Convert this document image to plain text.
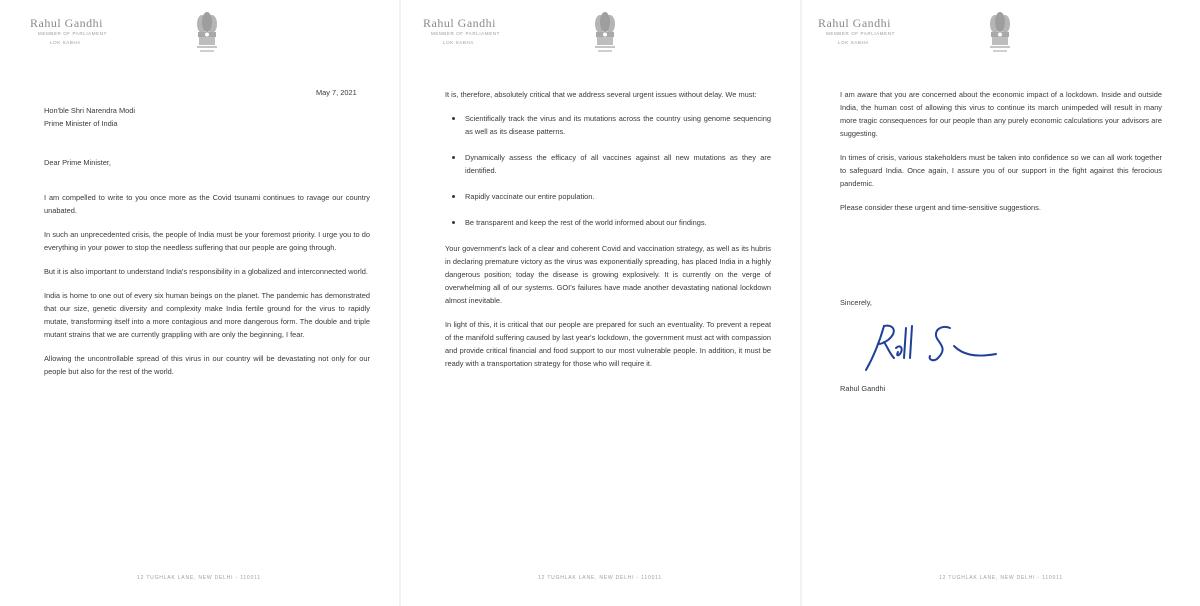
Rahul Gandhi
MEMBER OF PARLIAMENT
LOK SABHA
May 7, 2021
Hon'ble Shri Narendra Modi
Prime Minister of India
Dear Prime Minister,

I am compelled to write to you once more as the Covid tsunami continues to ravage our country unabated.

In such an unprecedented crisis, the people of India must be your foremost priority. I urge you to do everything in your power to stop the needless suffering that our people are going through.

But it is also important to understand India's responsibility in a globalized and interconnected world.

India is home to one out of every six human beings on the planet. The pandemic has demonstrated that our size, genetic diversity and complexity make India fertile ground for the virus to rapidly mutate, transforming itself into a more contagious and more dangerous form. The double and triple mutant strains that we are currently grappling with are only the beginning, I fear.

Allowing the uncontrollable spread of this virus in our country will be devastating not only for our people but also for the rest of the world.

12 TUGHLAK LANE, NEW DELHI - 110011
Rahul Gandhi
MEMBER OF PARLIAMENT
LOK SABHA

It is, therefore, absolutely critical that we address several urgent issues without delay. We must:

Scientifically track the virus and its mutations across the country using genome sequencing as well as its disease patterns.
Dynamically assess the efficacy of all vaccines against all new mutations as they are identified.
Rapidly vaccinate our entire population.
Be transparent and keep the rest of the world informed about our findings.

Your government's lack of a clear and coherent Covid and vaccination strategy, as well as its hubris in declaring premature victory as the virus was exponentially spreading, has placed India in a highly dangerous position; today the disease is growing explosively. It is currently on the verge of overwhelming all of our systems. GOI's failures have made another devastating national lockdown almost inevitable.

In light of this, it is critical that our people are prepared for such an eventuality. To prevent a repeat of the manifold suffering caused by last year's lockdown, the government must act with compassion and provide critical financial and food support to our most vulnerable people. In addition, it must be ready with a transportation strategy for those who will require it.

12 TUGHLAK LANE, NEW DELHI - 110011
Rahul Gandhi
MEMBER OF PARLIAMENT
LOK SABHA

I am aware that you are concerned about the economic impact of a lockdown. Inside and outside India, the human cost of allowing this virus to continue its march unimpeded will result in many more tragic consequences for our people than any purely economic calculations your advisors are suggesting.

In times of crisis, various stakeholders must be taken into confidence so we can all work together to safeguard India. Once again, I assure you of our support in the fight against this ferocious pandemic.

Please consider these urgent and time-sensitive suggestions.

Sincerely,
Rahul Gandhi
12 TUGHLAK LANE, NEW DELHI - 110011
